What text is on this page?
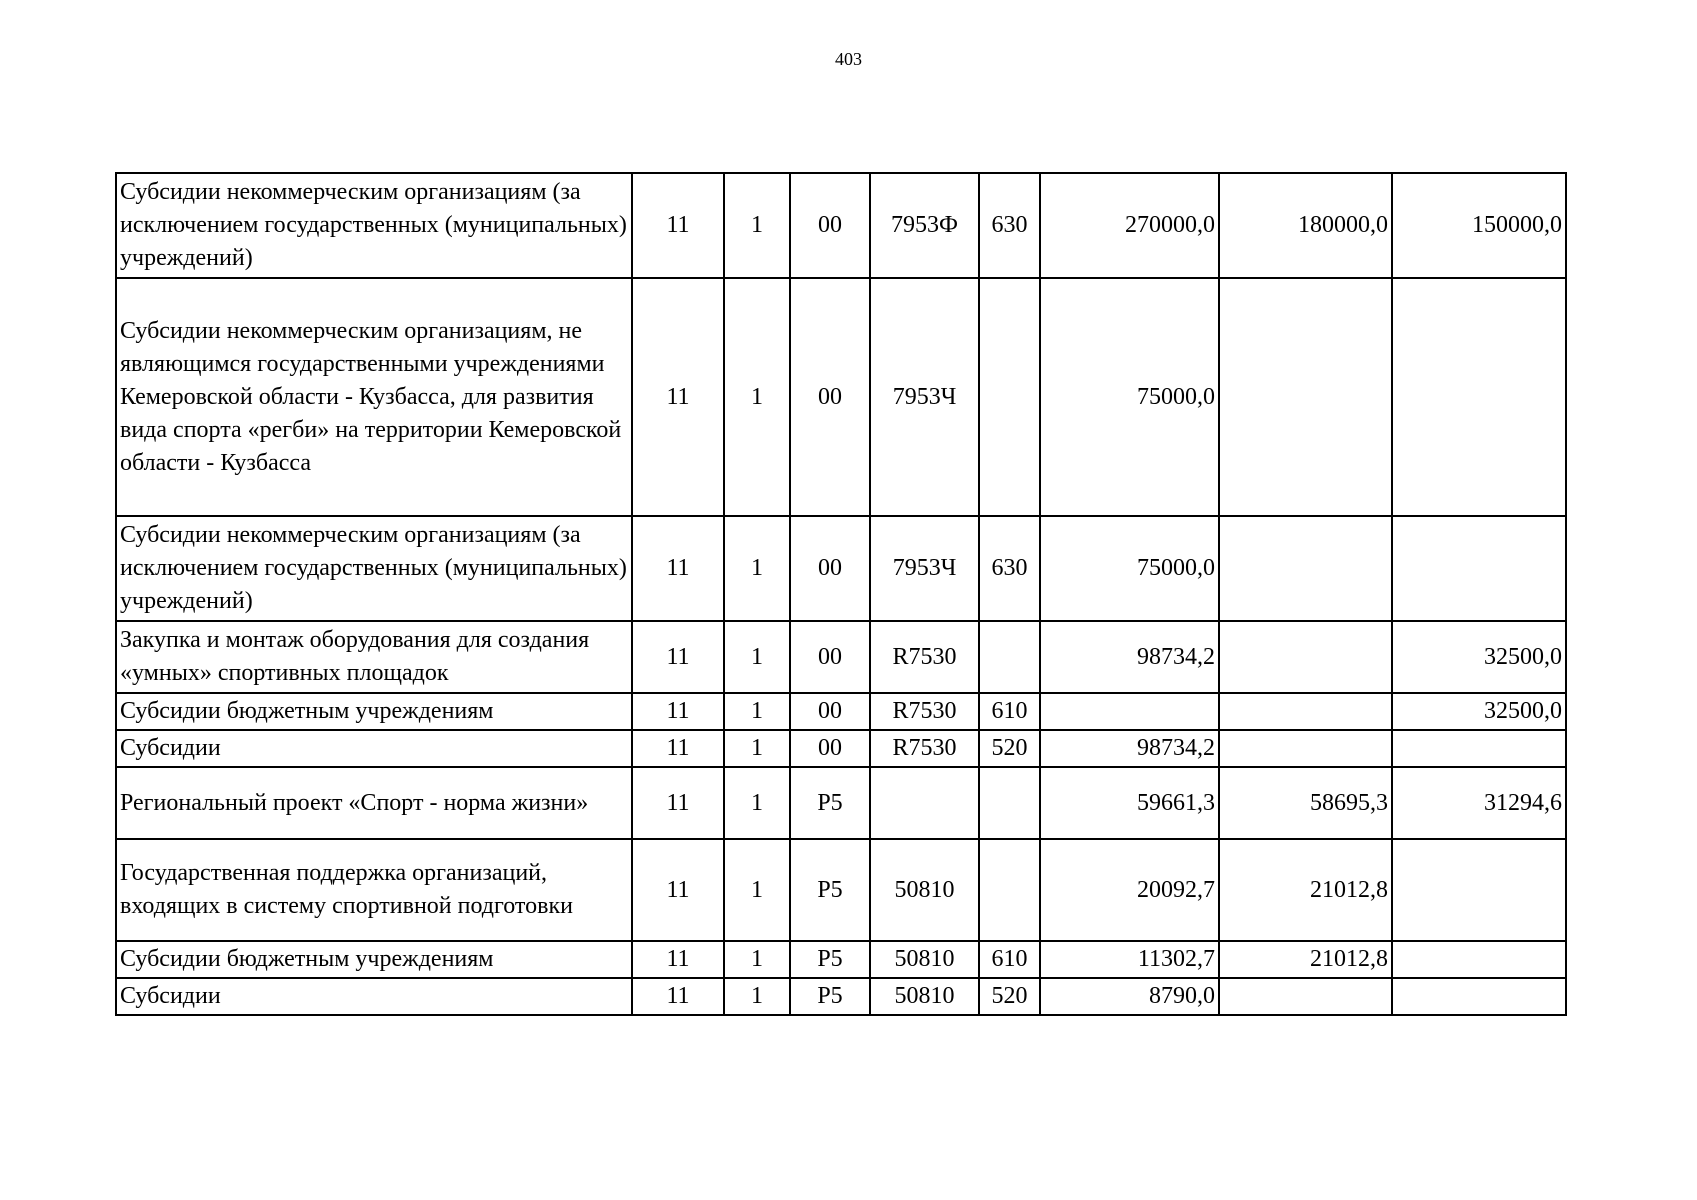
403
Субсидии некоммерческим организациям (за исключением государственных (муниципальных) учреждений)	11	1	00	7953Ф	630	270000,0	180000,0	150000,0
Субсидии некоммерческим организациям, не являющимся государственными учреждениями Кемеровской области - Кузбасса, для развития вида спорта «регби» на территории Кемеровской области - Кузбасса	11	1	00	7953Ч		75000,0		
Субсидии некоммерческим организациям (за исключением государственных (муниципальных) учреждений)	11	1	00	7953Ч	630	75000,0		
Закупка и монтаж оборудования для создания «умных» спортивных площадок	11	1	00	R7530		98734,2		32500,0
Субсидии бюджетным учреждениям	11	1	00	R7530	610			32500,0
Субсидии	11	1	00	R7530	520	98734,2		
Региональный проект «Спорт - норма жизни»	11	1	P5			59661,3	58695,3	31294,6
Государственная поддержка организаций, входящих в систему спортивной подготовки	11	1	P5	50810		20092,7	21012,8	
Субсидии бюджетным учреждениям	11	1	P5	50810	610	11302,7	21012,8	
Субсидии	11	1	P5	50810	520	8790,0		
